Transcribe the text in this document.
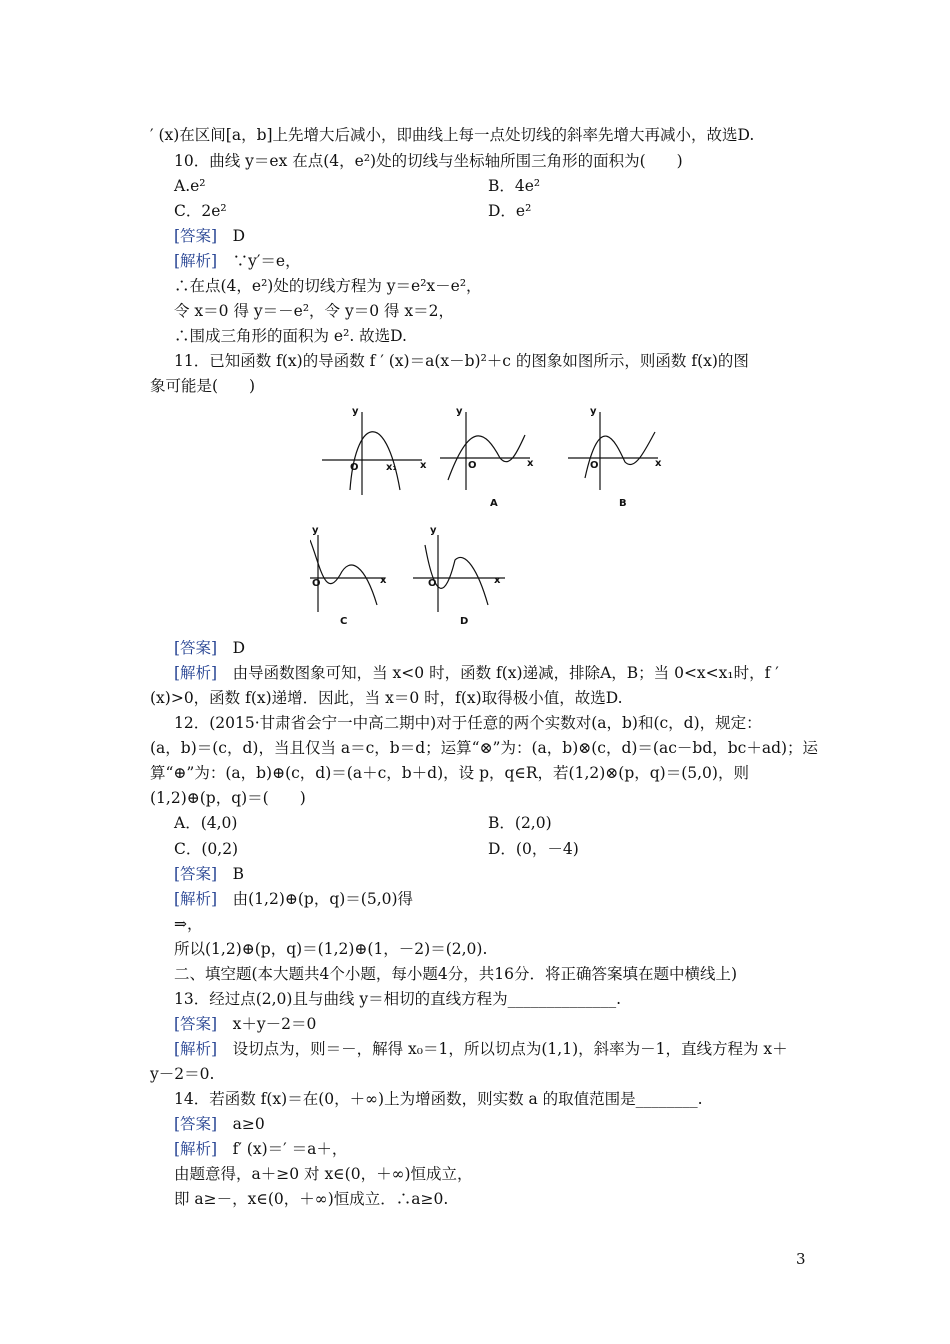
′ (x)在区间[a，b]上先增大后减小，即曲线上每一点处切线的斜率先增大再减小，故选D.
10．曲线 y＝ex 在点(4，e²)处的切线与坐标轴所围三角形的面积为(　　)
A.e²	B．4e²
C．2e²	D．e²
[答案]　 D
[解析]　 ∵y′＝e，
∴在点(4，e²)处的切线方程为 y＝e²x－e²，
令 x＝0 得 y＝－e²，令 y＝0 得 x＝2，
∴围成三角形的面积为 e². 故选D.
11．已知函数 f(x)的导函数 f ′ (x)＝a(x－b)²＋c 的图象如图所示，则函数 f(x)的图
象可能是(　　)
y
x
O	x₁
y
x
O
A
y
x
O
B
y
x
O
C
y
x
O
D
[答案]　 D
[解析]　 由导函数图象可知，当 x<0 时，函数 f(x)递减，排除A，B；当 0<x<x₁时，f ′
(x)>0，函数 f(x)递增．因此，当 x＝0 时，f(x)取得极小值，故选D.
12．(2015·甘肃省会宁一中高二期中)对于任意的两个实数对(a，b)和(c，d)，规定：
(a，b)＝(c，d)，当且仅当 a＝c，b＝d；运算“⊗”为：(a，b)⊗(c，d)＝(ac－bd，bc＋ad)；运
算“⊕”为：(a，b)⊕(c，d)＝(a＋c，b＋d)，设 p，q∈R，若(1,2)⊗(p，q)＝(5,0)，则
(1,2)⊕(p，q)＝(　　)
A．(4,0)	B．(2,0)
C．(0,2)	D．(0，－4)
[答案]　 B
[解析]　 由(1,2)⊕(p，q)＝(5,0)得
⇒，
所以(1,2)⊕(p，q)＝(1,2)⊕(1，－2)＝(2,0).
二、填空题(本大题共4个小题，每小题4分，共16分．将正确答案填在题中横线上)
13．经过点(2,0)且与曲线 y＝相切的直线方程为______________.
[答案]　 x＋y－2＝0
[解析]　 设切点为，则＝－，解得 x₀＝1，所以切点为(1,1)，斜率为－1，直线方程为 x＋
y－2＝0.
14．若函数 f(x)＝在(0，＋∞)上为增函数，则实数 a 的取值范围是________.
[答案]　 a≥0
[解析]　 f′ (x)＝′ ＝a＋，
由题意得，a＋≥0 对 x∈(0，＋∞)恒成立，
即 a≥－，x∈(0，＋∞)恒成立．∴a≥0.
3
